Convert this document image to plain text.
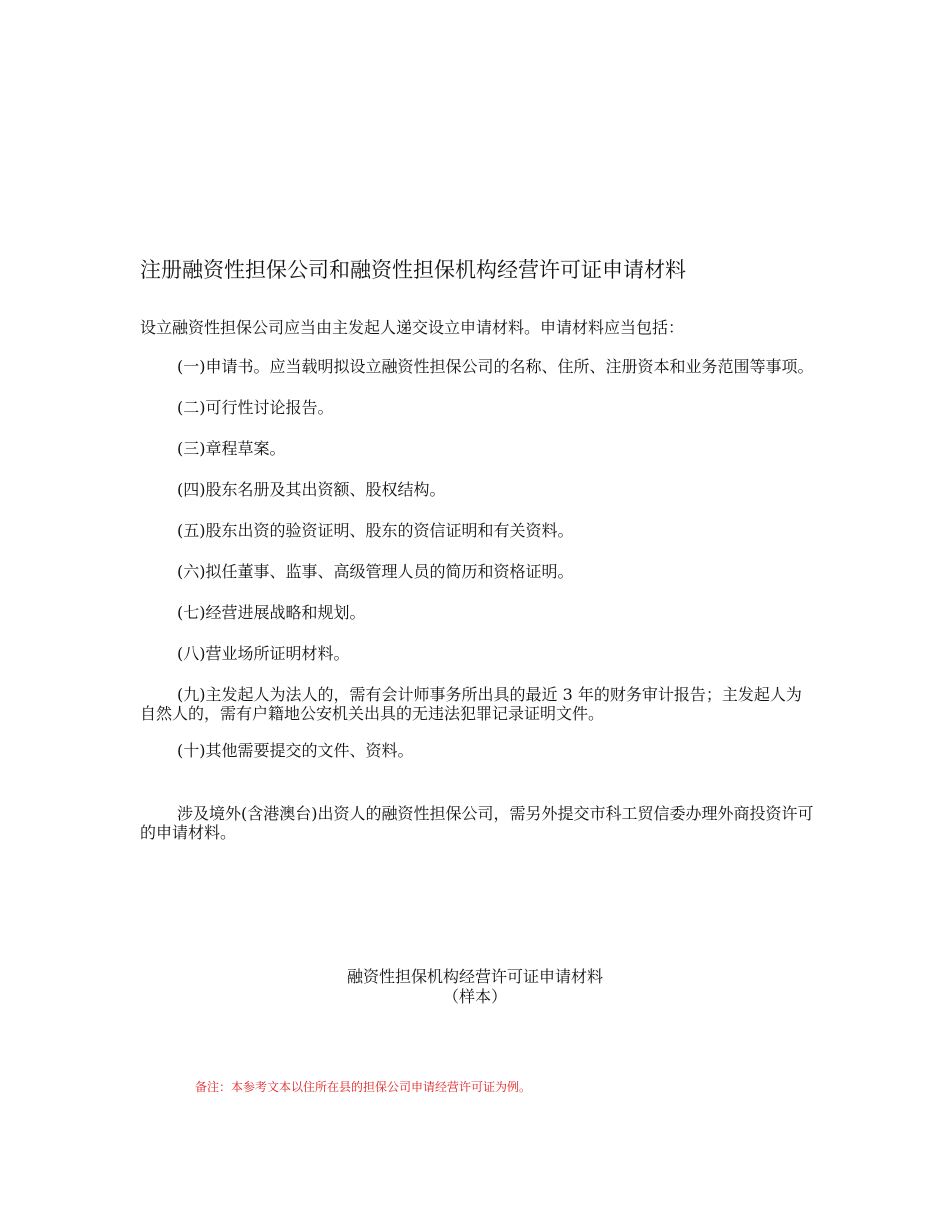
注册融资性担保公司和融资性担保机构经营许可证申请材料
设立融资性担保公司应当由主发起人递交设立申请材料。申请材料应当包括：
(一)申请书。应当载明拟设立融资性担保公司的名称、住所、注册资本和业务范围等事项。
(二)可行性讨论报告。
(三)章程草案。
(四)股东名册及其出资额、股权结构。
(五)股东出资的验资证明、股东的资信证明和有关资料。
(六)拟任董事、监事、高级管理人员的简历和资格证明。
(七)经营进展战略和规划。
(八)营业场所证明材料。
(九)主发起人为法人的，需有会计师事务所出具的最近 3 年的财务审计报告；主发起人为自然人的，需有户籍地公安机关出具的无违法犯罪记录证明文件。
(十)其他需要提交的文件、资料。

涉及境外(含港澳台)出资人的融资性担保公司，需另外提交市科工贸信委办理外商投资许可的申请材料。

融资性担保机构经营许可证申请材料
（样本）
备注：本参考文本以住所在县的担保公司申请经营许可证为例。
